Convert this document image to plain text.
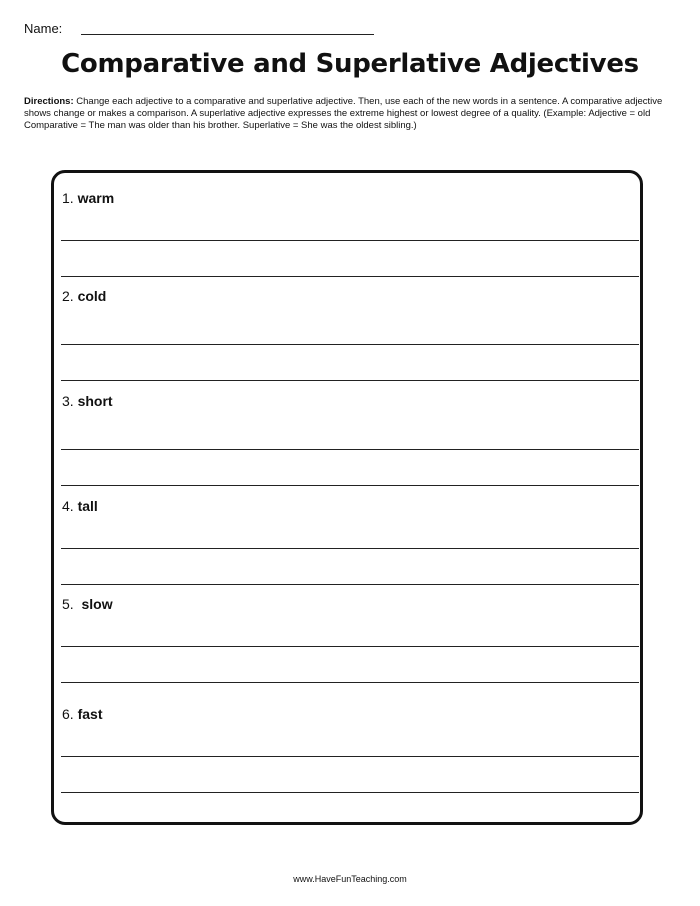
Name:
Comparative and Superlative Adjectives
Directions: Change each adjective to a comparative and superlative adjective. Then, use each of the new words in a sentence. A comparative adjective shows change or makes a comparison. A superlative adjective expresses the extreme highest or lowest degree of a quality. (Example: Adjective = old Comparative = The man was older than his brother. Superlative = She was the oldest sibling.)
1. warm
2. cold
3. short
4. tall
5.  slow
6. fast
www.HaveFunTeaching.com
